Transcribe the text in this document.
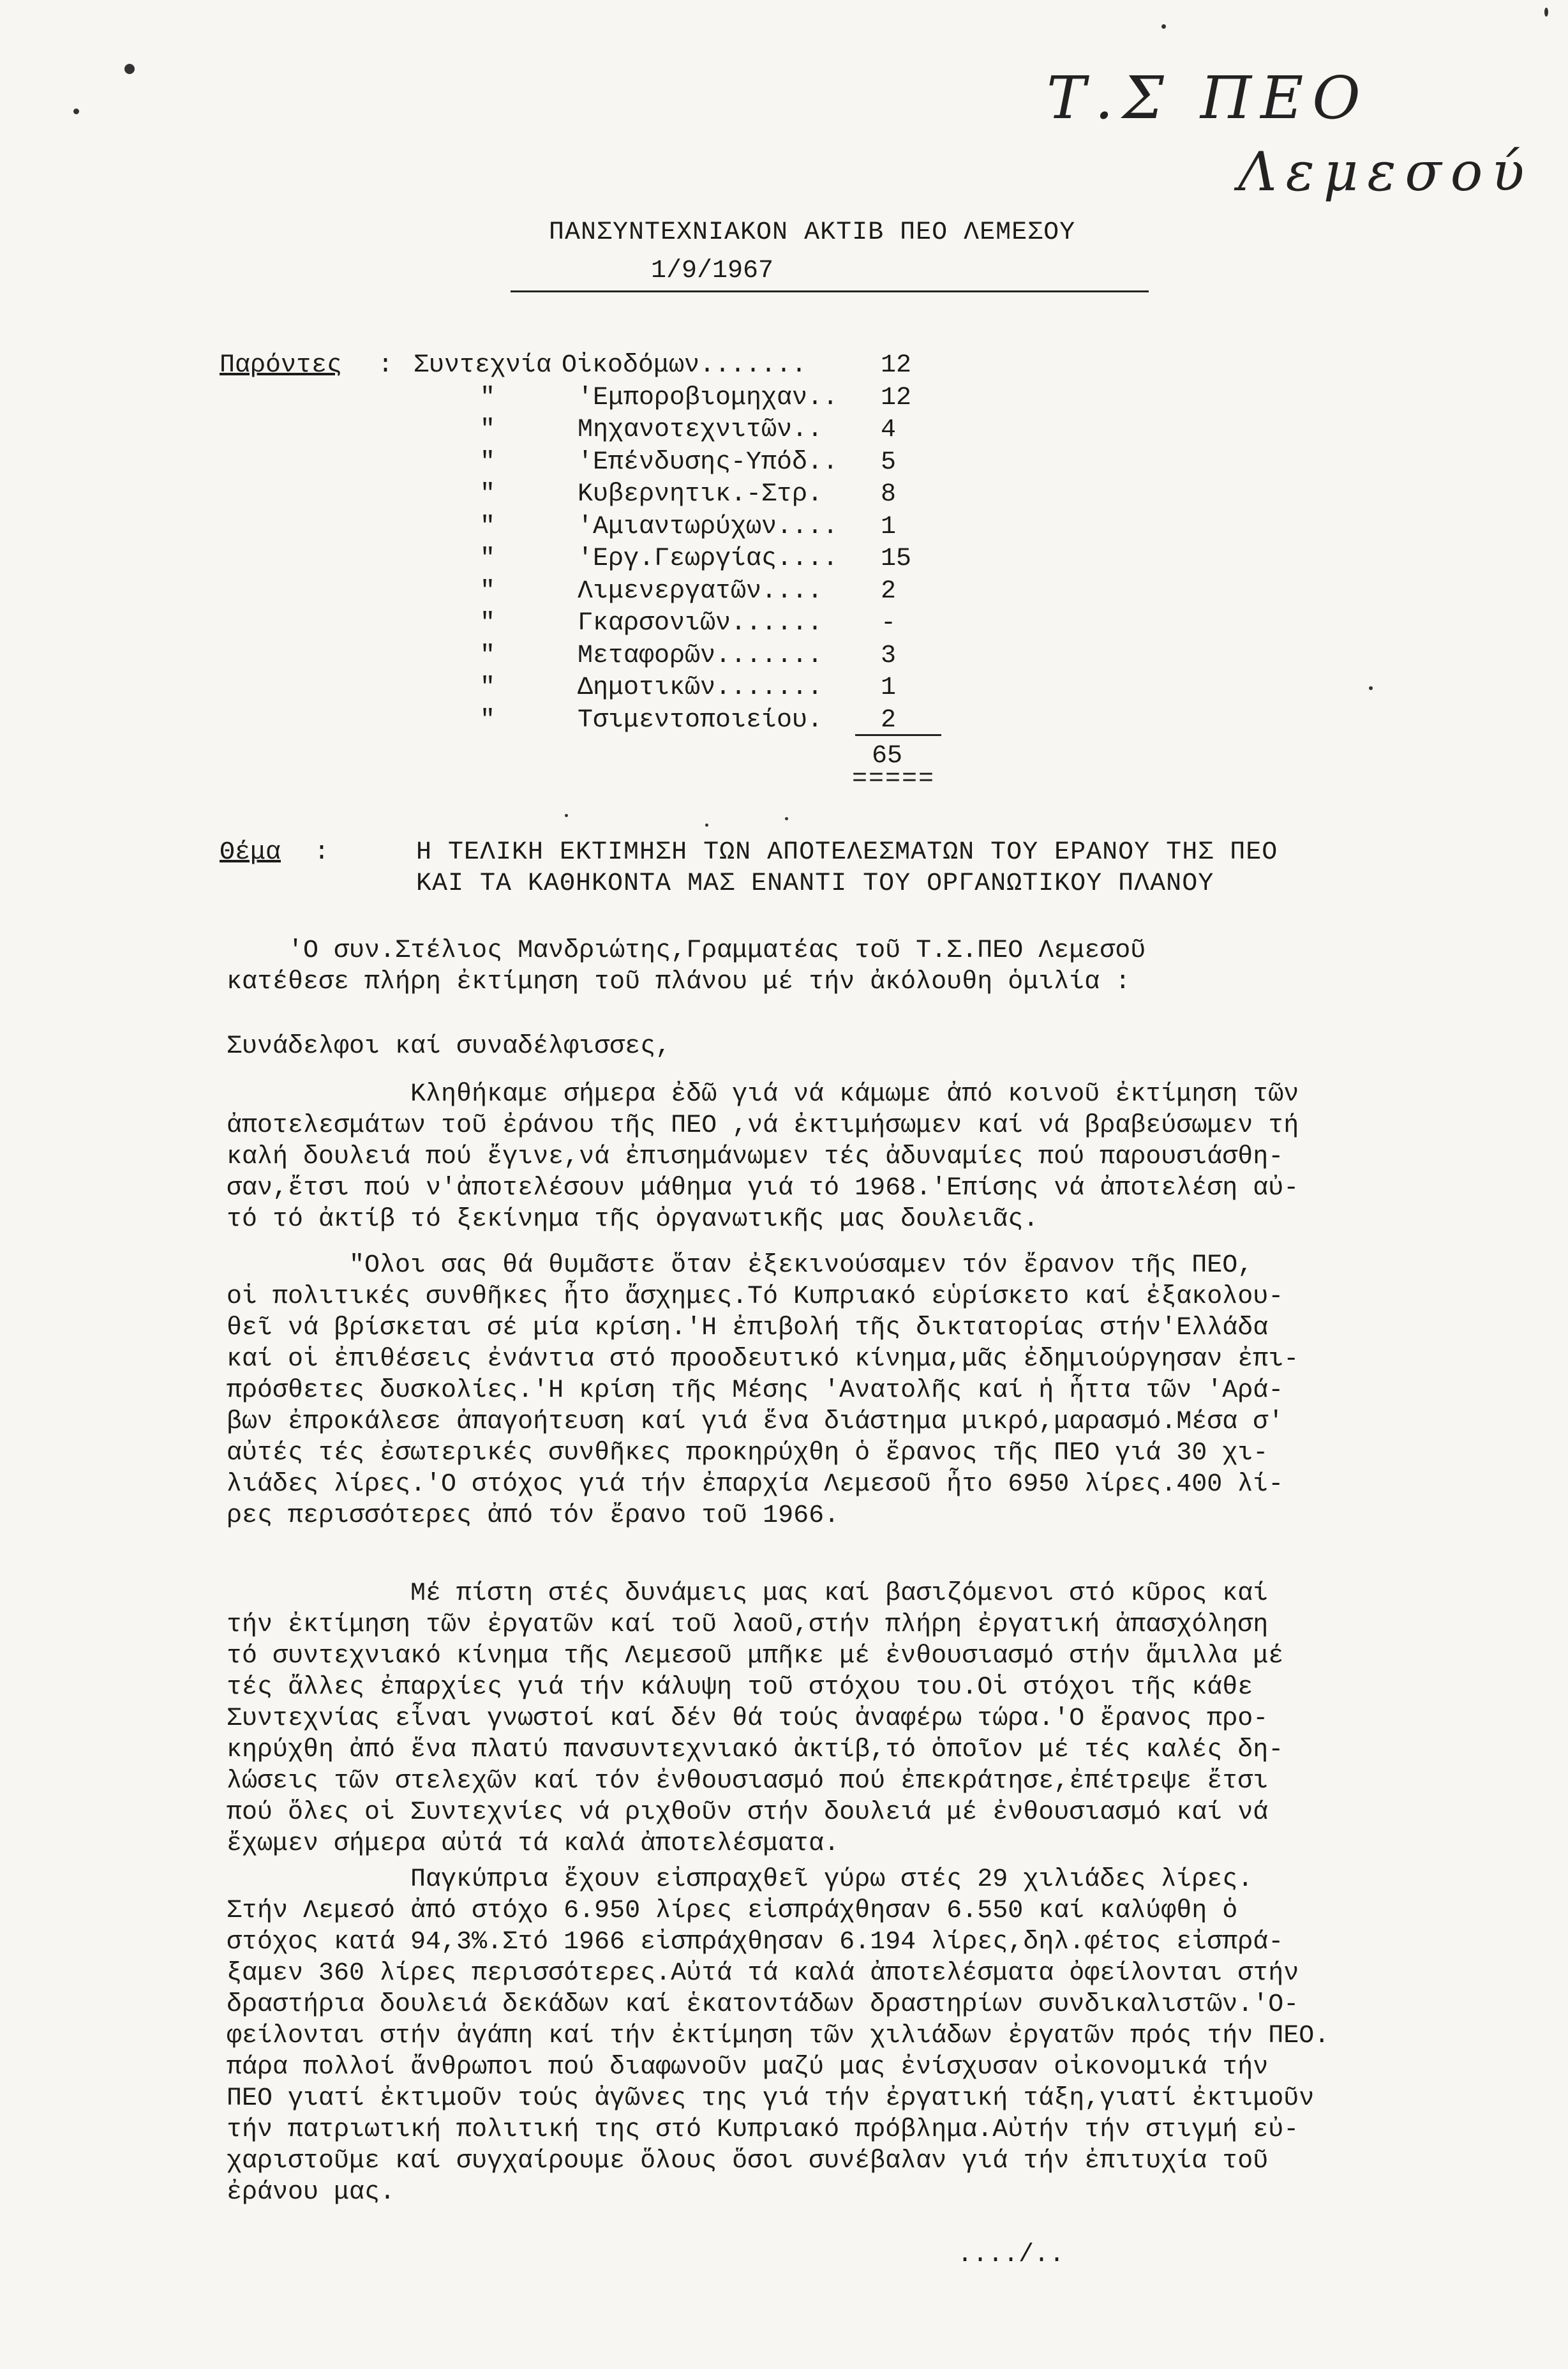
Τ.Σ ΠΕΟ
Λεμεσού
ΠΑΝΣΥΝΤΕΧΝΙΑΚΟΝ ΑΚΤΙΒ ΠΕΟ ΛΕΜΕΣΟΥ
1/9/1967
Παρόντες : Συντεχνία Οἰκοδόμων.......	12
"	'Εμποροβιομηχαν.. 12
"	Μηχανοτεχνιτῶν.. 4
"	'Επένδυσης-Υπόδ.. 5
"	Κυβερνητικ.-Στρ. 8
"	'Αμιαντωρύχων.... 1
"	'Εργ.Γεωργίας.... 15
"	Λιμενεργατῶν.... 2
"	Γκαρσονιῶν...... -
"	Μεταφορῶν....... 3
"	Δημοτικῶν....... 1
"	Τσιμεντοποιείου. 2
65
=====
Θέμα :	Η ΤΕΛΙΚΗ ΕΚΤΙΜΗΣΗ ΤΩΝ ΑΠΟΤΕΛΕΣΜΑΤΩΝ ΤΟΥ ΕΡΑΝΟΥ ΤΗΣ ΠΕΟ
ΚΑΙ ΤΑ ΚΑΘΗΚΟΝΤΑ ΜΑΣ ΕΝΑΝΤΙ ΤΟΥ ΟΡΓΑΝΩΤΙΚΟΥ ΠΛΑΝΟΥ

'Ο συν.Στέλιος Μανδριώτης,Γραμματέας τοῦ Τ.Σ.ΠΕΟ Λεμεσοῦ

κατέθεσε πλήρη ἐκτίμηση τοῦ πλάνου μέ τήν ἀκόλουθη ὁμιλία :

Συνάδελφοι καί συναδέλφισσες,

Κληθήκαμε σήμερα ἐδῶ γιά νά κάμωμε ἀπό κοινοῦ ἐκτίμηση τῶν

ἀποτελεσμάτων τοῦ ἐράνου τῆς ΠΕΟ ,νά ἐκτιμήσωμεν καί νά βραβεύσωμεν τή

καλή δουλειά πού ἔγινε,νά ἐπισημάνωμεν τές ἀδυναμίες πού παρουσιάσθη-

σαν,ἔτσι πού ν'ἀποτελέσουν μάθημα γιά τό 1968.'Επίσης νά ἀποτελέση αὐ-

τό τό ἀκτίβ τό ξεκίνημα τῆς ὀργανωτικῆς μας δουλειᾶς.

"Ολοι σας θά θυμᾶστε ὅταν ἐξεκινούσαμεν τόν ἔρανον τῆς ΠΕΟ,

οἱ πολιτικές συνθῆκες ἦτο ἄσχημες.Τό Κυπριακό εὑρίσκετο καί ἐξακολου-

θεῖ νά βρίσκεται σέ μία κρίση.'Η ἐπιβολή τῆς δικτατορίας στήν'Ελλάδα

καί οἱ ἐπιθέσεις ἐνάντια στό προοδευτικό κίνημα,μᾶς ἐδημιούργησαν ἐπι-

πρόσθετες δυσκολίες.'Η κρίση τῆς Μέσης 'Ανατολῆς καί ἡ ἧττα τῶν 'Αρά-

βων ἐπροκάλεσε ἀπαγοήτευση καί γιά ἕνα διάστημα μικρό,μαρασμό.Μέσα σ'

αὐτές τές ἐσωτερικές συνθῆκες προκηρύχθη ὁ ἔρανος τῆς ΠΕΟ γιά 30 χι-

λιάδες λίρες.'Ο στόχος γιά τήν ἐπαρχία Λεμεσοῦ ἦτο 6950 λίρες.400 λί-

ρες περισσότερες ἀπό τόν ἔρανο τοῦ 1966.

Μέ πίστη στές δυνάμεις μας καί βασιζόμενοι στό κῦρος καί

τήν ἐκτίμηση τῶν ἐργατῶν καί τοῦ λαοῦ,στήν πλήρη ἐργατική ἀπασχόληση

τό συντεχνιακό κίνημα τῆς Λεμεσοῦ μπῆκε μέ ἐνθουσιασμό στήν ἅμιλλα μέ

τές ἄλλες ἐπαρχίες γιά τήν κάλυψη τοῦ στόχου του.Οἱ στόχοι τῆς κάθε

Συντεχνίας εἶναι γνωστοί καί δέν θά τούς ἀναφέρω τώρα.'Ο ἔρανος προ-

κηρύχθη ἀπό ἕνα πλατύ πανσυντεχνιακό ἀκτίβ,τό ὁποῖον μέ τές καλές δη-

λώσεις τῶν στελεχῶν καί τόν ἐνθουσιασμό πού ἐπεκράτησε,ἐπέτρεψε ἔτσι

πού ὅλες οἱ Συντεχνίες νά ριχθοῦν στήν δουλειά μέ ἐνθουσιασμό καί νά

ἔχωμεν σήμερα αὐτά τά καλά ἀποτελέσματα.

Παγκύπρια ἔχουν εἰσπραχθεῖ γύρω στές 29 χιλιάδες λίρες.

Στήν Λεμεσό ἀπό στόχο 6.950 λίρες εἰσπράχθησαν 6.550 καί καλύφθη ὁ

στόχος κατά 94,3%.Στό 1966 εἰσπράχθησαν 6.194 λίρες,δηλ.φέτος εἰσπρά-

ξαμεν 360 λίρες περισσότερες.Αὐτά τά καλά ἀποτελέσματα ὀφείλονται στήν

δραστήρια δουλειά δεκάδων καί ἑκατοντάδων δραστηρίων συνδικαλιστῶν.'Ο-

φείλονται στήν ἀγάπη καί τήν ἐκτίμηση τῶν χιλιάδων ἐργατῶν πρός τήν ΠΕΟ.

πάρα πολλοί ἄνθρωποι πού διαφωνοῦν μαζύ μας ἐνίσχυσαν οἰκονομικά τήν

ΠΕΟ γιατί ἐκτιμοῦν τούς ἀγῶνες της γιά τήν ἐργατική τάξη,γιατί ἐκτιμοῦν

τήν πατριωτική πολιτική της στό Κυπριακό πρόβλημα.Αὐτήν τήν στιγμή εὐ-

χαριστοῦμε καί συγχαίρουμε ὅλους ὅσοι συνέβαλαν γιά τήν ἐπιτυχία τοῦ

ἐράνου μας.

..../..
